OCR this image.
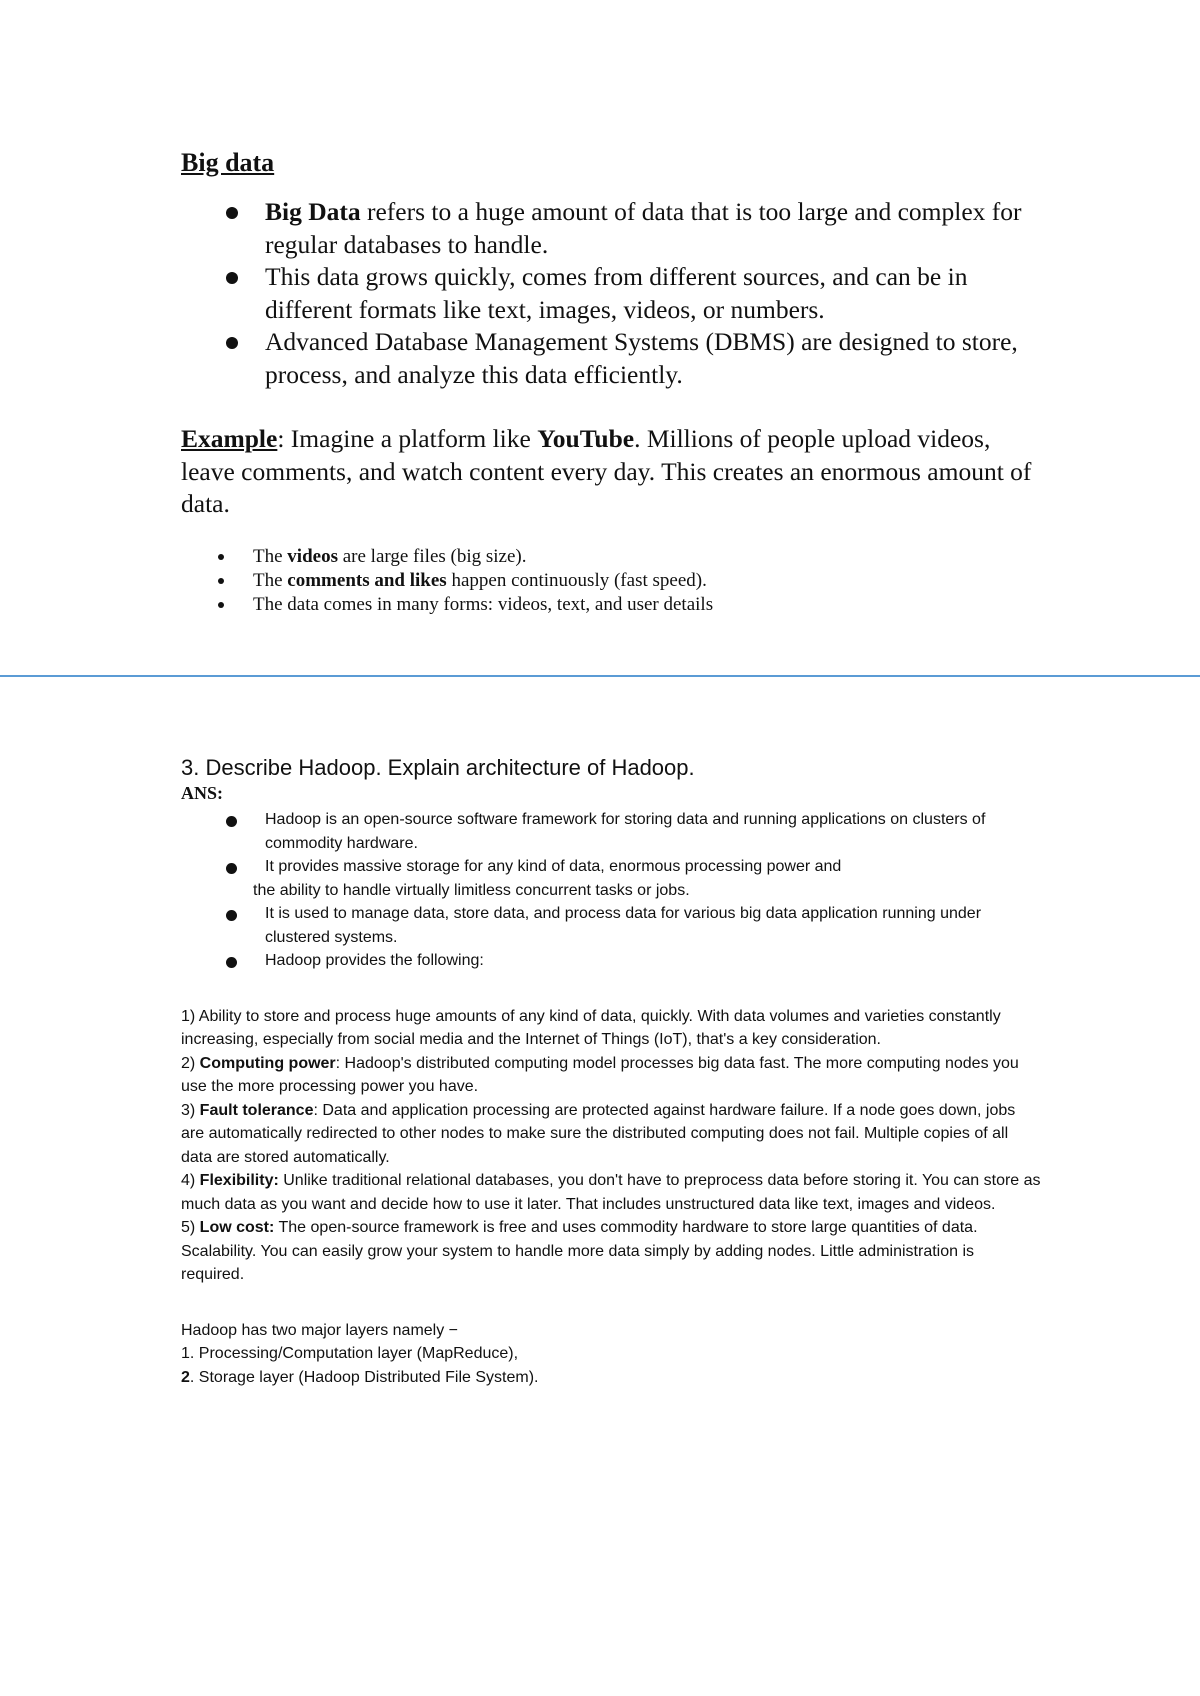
Big data
Big Data refers to a huge amount of data that is too large and complex for regular databases to handle.
This data grows quickly, comes from different sources, and can be in different formats like text, images, videos, or numbers.
Advanced Database Management Systems (DBMS) are designed to store, process, and analyze this data efficiently.
Example: Imagine a platform like YouTube. Millions of people upload videos, leave comments, and watch content every day. This creates an enormous amount of data.
The videos are large files (big size).
The comments and likes happen continuously (fast speed).
The data comes in many forms: videos, text, and user details
3. Describe Hadoop. Explain architecture of Hadoop.
ANS:
Hadoop is an open-source software framework for storing data and running applications on clusters of commodity hardware.
It provides massive storage for any kind of data, enormous processing power and
the ability to handle virtually limitless concurrent tasks or jobs.
It is used to manage data, store data, and process data for various big data application running under clustered systems.
Hadoop provides the following:

1) Ability to store and process huge amounts of any kind of data, quickly. With data volumes and varieties constantly increasing, especially from social media and the Internet of Things (IoT), that's a key consideration.

2) Computing power: Hadoop's distributed computing model processes big data fast. The more computing nodes you use the more processing power you have.

3) Fault tolerance: Data and application processing are protected against hardware failure. If a node goes down, jobs are automatically redirected to other nodes to make sure the distributed computing does not fail. Multiple copies of all data are stored automatically.

4) Flexibility: Unlike traditional relational databases, you don't have to preprocess data before storing it. You can store as much data as you want and decide how to use it later. That includes unstructured data like text, images and videos.

5) Low cost: The open-source framework is free and uses commodity hardware to store large quantities of data. Scalability. You can easily grow your system to handle more data simply by adding nodes. Little administration is required.

Hadoop has two major layers namely −

1. Processing/Computation layer (MapReduce),

2. Storage layer (Hadoop Distributed File System).
